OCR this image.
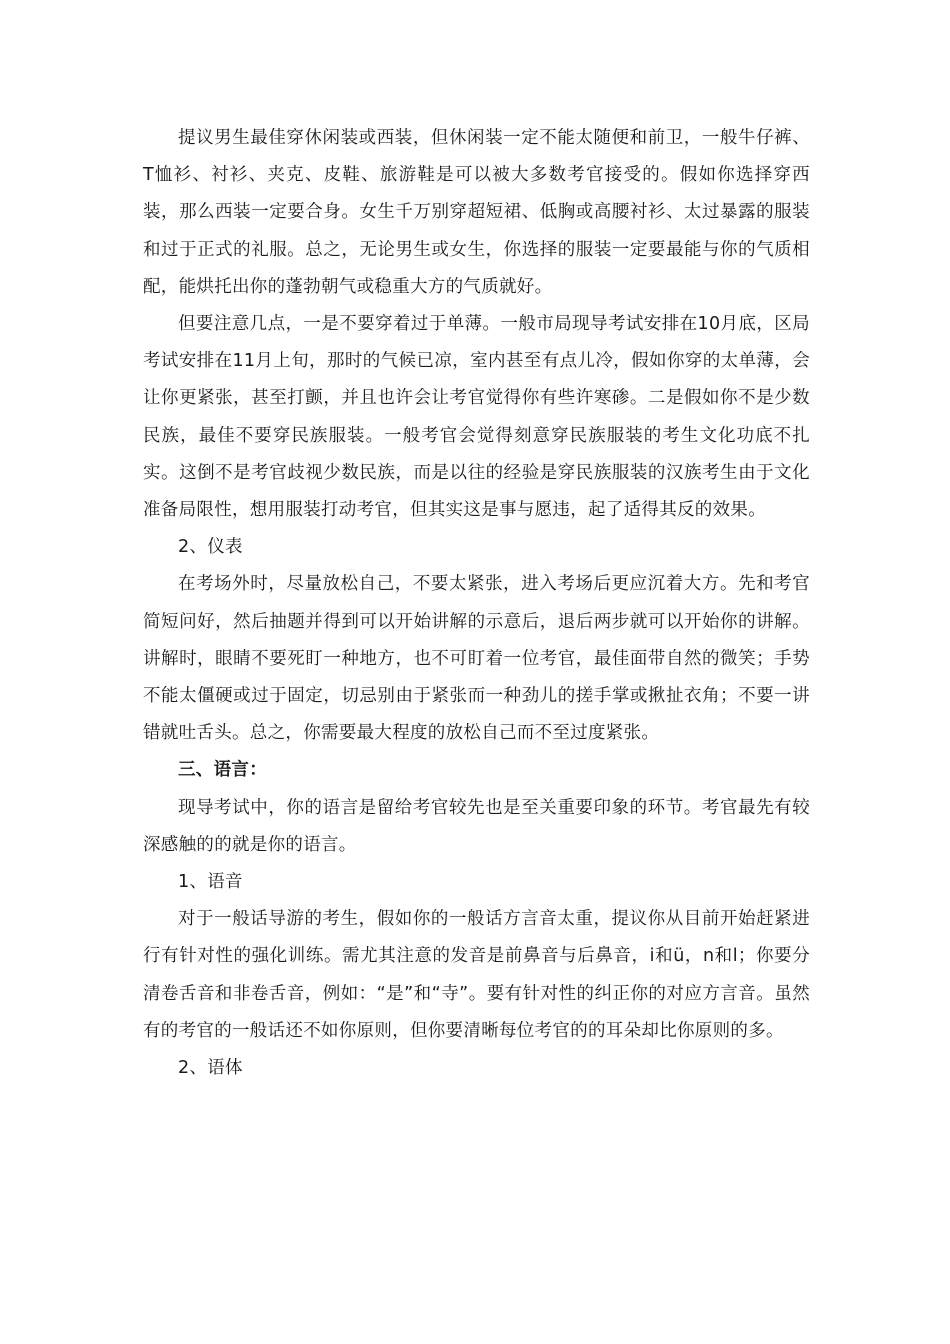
提议男生最佳穿休闲装或西装，但休闲装一定不能太随便和前卫，一般牛仔裤、T恤衫、衬衫、夹克、皮鞋、旅游鞋是可以被大多数考官接受的。假如你选择穿西装，那么西装一定要合身。女生千万别穿超短裙、低胸或高腰衬衫、太过暴露的服装和过于正式的礼服。总之，无论男生或女生，你选择的服装一定要最能与你的气质相配，能烘托出你的蓬勃朝气或稳重大方的气质就好。

但要注意几点，一是不要穿着过于单薄。一般市局现导考试安排在10月底，区局考试安排在11月上旬，那时的气候已凉，室内甚至有点儿冷，假如你穿的太单薄，会让你更紧张，甚至打颤，并且也许会让考官觉得你有些许寒碜。二是假如你不是少数民族，最佳不要穿民族服装。一般考官会觉得刻意穿民族服装的考生文化功底不扎实。这倒不是考官歧视少数民族，而是以往的经验是穿民族服装的汉族考生由于文化准备局限性，想用服装打动考官，但其实这是事与愿违，起了适得其反的效果。

2、仪表

在考场外时，尽量放松自己，不要太紧张，进入考场后更应沉着大方。先和考官简短问好，然后抽题并得到可以开始讲解的示意后，退后两步就可以开始你的讲解。讲解时，眼睛不要死盯一种地方，也不可盯着一位考官，最佳面带自然的微笑；手势不能太僵硬或过于固定，切忌别由于紧张而一种劲儿的搓手掌或揪扯衣角；不要一讲错就吐舌头。总之，你需要最大程度的放松自己而不至过度紧张。

三、语言：

现导考试中，你的语言是留给考官较先也是至关重要印象的环节。考官最先有较深感触的的就是你的语言。

1、语音

对于一般话导游的考生，假如你的一般话方言音太重，提议你从目前开始赶紧进行有针对性的强化训练。需尤其注意的发音是前鼻音与后鼻音，i和ü，n和l；你要分清卷舌音和非卷舌音，例如：“是”和“寺”。要有针对性的纠正你的对应方言音。虽然有的考官的一般话还不如你原则，但你要清晰每位考官的的耳朵却比你原则的多。

2、语体
